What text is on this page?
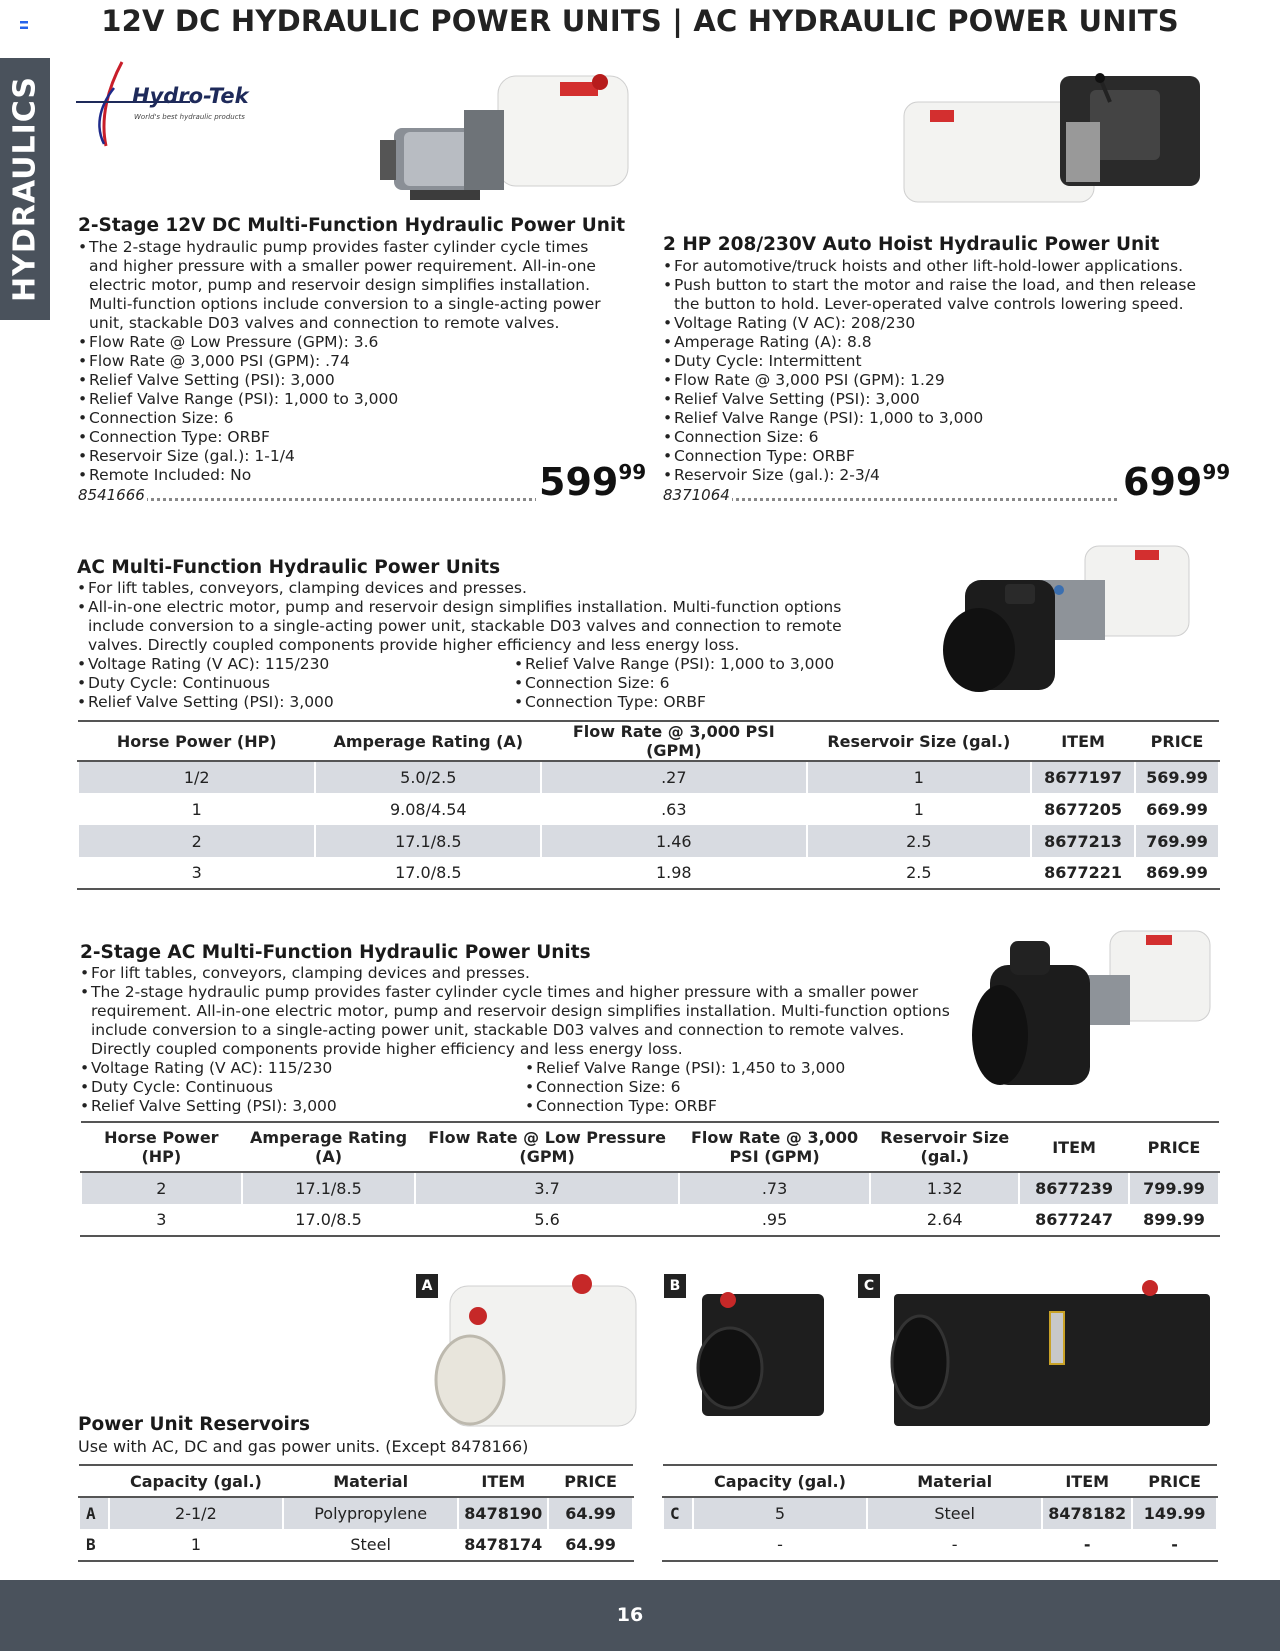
12V DC HYDRAULIC POWER UNITS | AC HYDRAULIC POWER UNITS
HYDRAULICS	Hydro-Tek
World's best hydraulic products
2-Stage 12V DC Multi-Function Hydraulic Power Unit
• The 2-stage hydraulic pump provides faster cylinder cycle times and higher pressure with a smaller power requirement. All-in-one electric motor, pump and reservoir design simplifies installation. Multi-function options include conversion to a single-acting power unit, stackable D03 valves and connection to remote valves.
• Flow Rate @ Low Pressure (GPM): 3.6
• Flow Rate @ 3,000 PSI (GPM): .74
• Relief Valve Setting (PSI): 3,000
• Relief Valve Range (PSI): 1,000 to 3,000
• Connection Size: 6
• Connection Type: ORBF
• Reservoir Size (gal.): 1-1/4
• Remote Included: No
8541666	$599^{99}$
2 HP 208/230V Auto Hoist Hydraulic Power Unit
• For automotive/truck hoists and other lift-hold-lower applications.
• Push button to start the motor and raise the load, and then release the button to hold. Lever-operated valve controls lowering speed.
• Voltage Rating (V AC): 208/230
• Amperage Rating (A): 8.8
• Duty Cycle: Intermittent
• Flow Rate @ 3,000 PSI (GPM): 1.29
• Relief Valve Setting (PSI): 3,000
• Relief Valve Range (PSI): 1,000 to 3,000
• Connection Size: 6
• Connection Type: ORBF
• Reservoir Size (gal.): 2-3/4
8371064	$699^{99}$
AC Multi-Function Hydraulic Power Units
• For lift tables, conveyors, clamping devices and presses.
• All-in-one electric motor, pump and reservoir design simplifies installation. Multi-function options include conversion to a single-acting power unit, stackable D03 valves and connection to remote valves. Directly coupled components provide higher efficiency and less energy loss.
• Voltage Rating (V AC): 115/230
• Duty Cycle: Continuous
• Relief Valve Setting (PSI): 3,000
• Relief Valve Range (PSI): 1,000 to 3,000
• Connection Size: 6
• Connection Type: ORBF
Horse Power (HP)	Amperage Rating (A)	Flow Rate @ 3,000 PSI (GPM)	Reservoir Size (gal.)	ITEM	PRICE
1/2	5.0/2.5	.27	1	8677197	569.99
1	9.08/4.54	.63	1	8677205	669.99
2	17.1/8.5	1.46	2.5	8677213	769.99
3	17.0/8.5	1.98	2.5	8677221	869.99
2-Stage AC Multi-Function Hydraulic Power Units
• For lift tables, conveyors, clamping devices and presses.
• The 2-stage hydraulic pump provides faster cylinder cycle times and higher pressure with a smaller power requirement. All-in-one electric motor, pump and reservoir design simplifies installation. Multi-function options include conversion to a single-acting power unit, stackable D03 valves and connection to remote valves. Directly coupled components provide higher efficiency and less energy loss.
• Voltage Rating (V AC): 115/230
• Duty Cycle: Continuous
• Relief Valve Setting (PSI): 3,000
• Relief Valve Range (PSI): 1,450 to 3,000
• Connection Size: 6
• Connection Type: ORBF
Horse Power (HP)	Amperage Rating (A)	Flow Rate @ Low Pressure (GPM)	Flow Rate @ 3,000 PSI (GPM)	Reservoir Size (gal.)	ITEM	PRICE
2	17.1/8.5	3.7	.73	1.32	8677239	799.99
3	17.0/8.5	5.6	.95	2.64	8677247	899.99
A	B	C
Power Unit Reservoirs
Use with AC, DC and gas power units. (Except 8478166)
	Capacity (gal.)	Material	ITEM	PRICE
A	2-1/2	Polypropylene	8478190	64.99
B	1	Steel	8478174	64.99
	Capacity (gal.)	Material	ITEM	PRICE
C	5	Steel	8478182	149.99
	-	-	-	-
16
